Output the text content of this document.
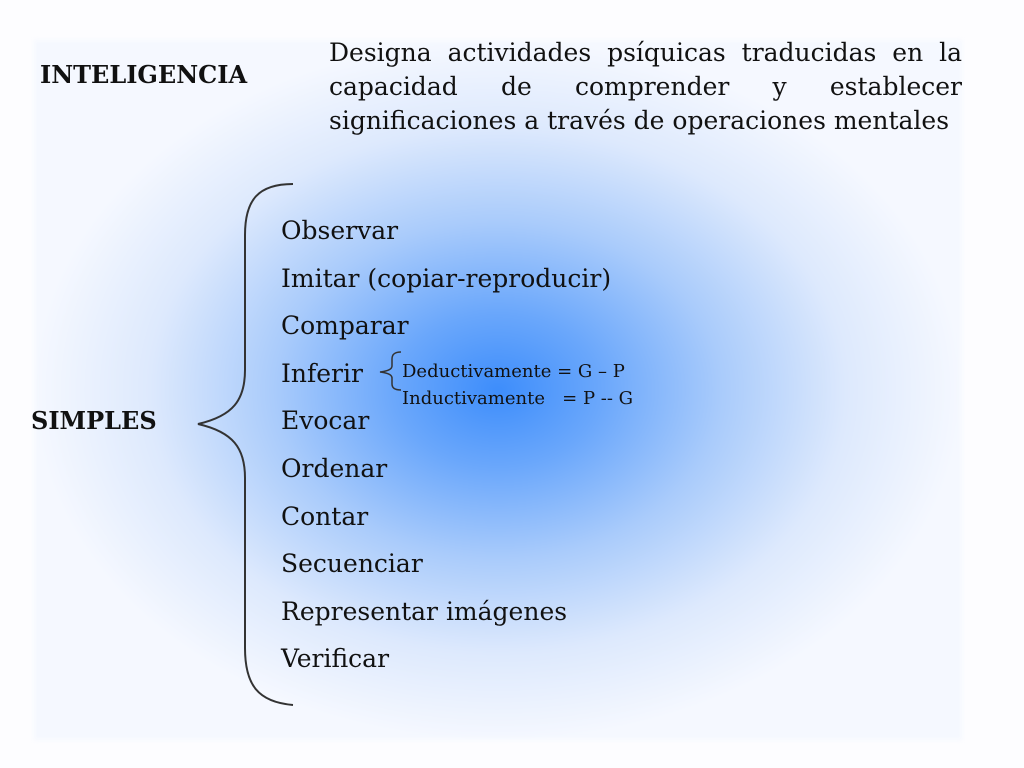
INTELIGENCIA

Designa actividades psíquicas traducidas en la capacidad de comprender y establecer significaciones a través de operaciones mentales

SIMPLES
Observar
Imitar (copiar-reproducir)
Comparar
Inferir
Evocar
Ordenar
Contar
Secuenciar
Representar imágenes
Verificar
Deductivamente = G – P
Inductivamente   = P -- G
